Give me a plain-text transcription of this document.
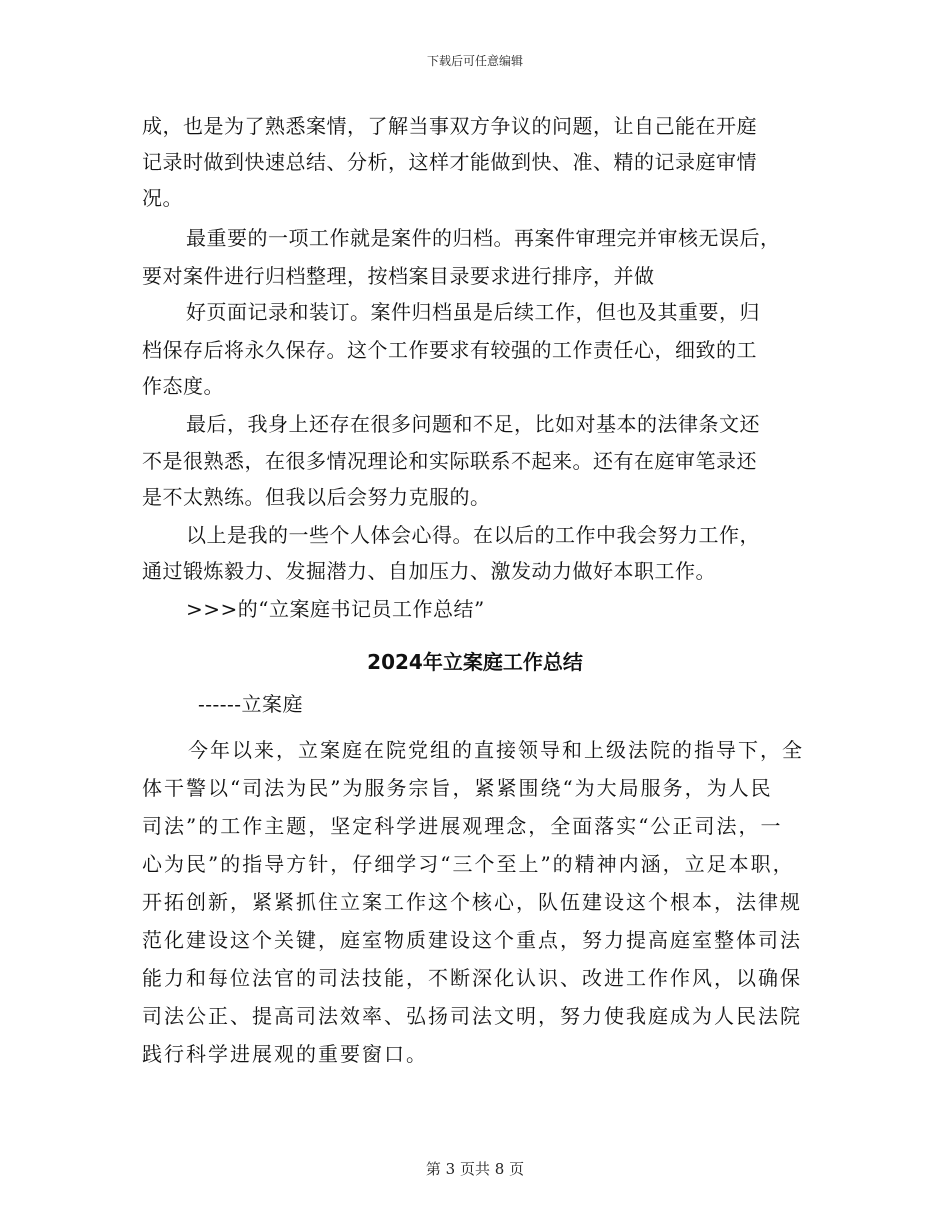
下载后可任意编辑
成，也是为了熟悉案情，了解当事双方争议的问题，让自己能在开庭
记录时做到快速总结、分析，这样才能做到快、准、精的记录庭审情
况。
最重要的一项工作就是案件的归档。再案件审理完并审核无误后，
要对案件进行归档整理，按档案目录要求进行排序，并做
好页面记录和装订。案件归档虽是后续工作，但也及其重要，归
档保存后将永久保存。这个工作要求有较强的工作责任心，细致的工
作态度。
最后，我身上还存在很多问题和不足，比如对基本的法律条文还
不是很熟悉，在很多情况理论和实际联系不起来。还有在庭审笔录还
是不太熟练。但我以后会努力克服的。
以上是我的一些个人体会心得。在以后的工作中我会努力工作，
通过锻炼毅力、发掘潜力、自加压力、激发动力做好本职工作。
>>>的“立案庭书记员工作总结”
2024年立案庭工作总结
------立案庭
今年以来，立案庭在院党组的直接领导和上级法院的指导下，全
体干警以“司法为民”为服务宗旨，紧紧围绕“为大局服务，为人民
司法”的工作主题，坚定科学进展观理念，全面落实“公正司法，一
心为民”的指导方针，仔细学习“三个至上”的精神内涵，立足本职，
开拓创新，紧紧抓住立案工作这个核心，队伍建设这个根本，法律规
范化建设这个关键，庭室物质建设这个重点，努力提高庭室整体司法
能力和每位法官的司法技能，不断深化认识、改进工作作风，以确保
司法公正、提高司法效率、弘扬司法文明，努力使我庭成为人民法院
践行科学进展观的重要窗口。
第 3 页共 8 页
